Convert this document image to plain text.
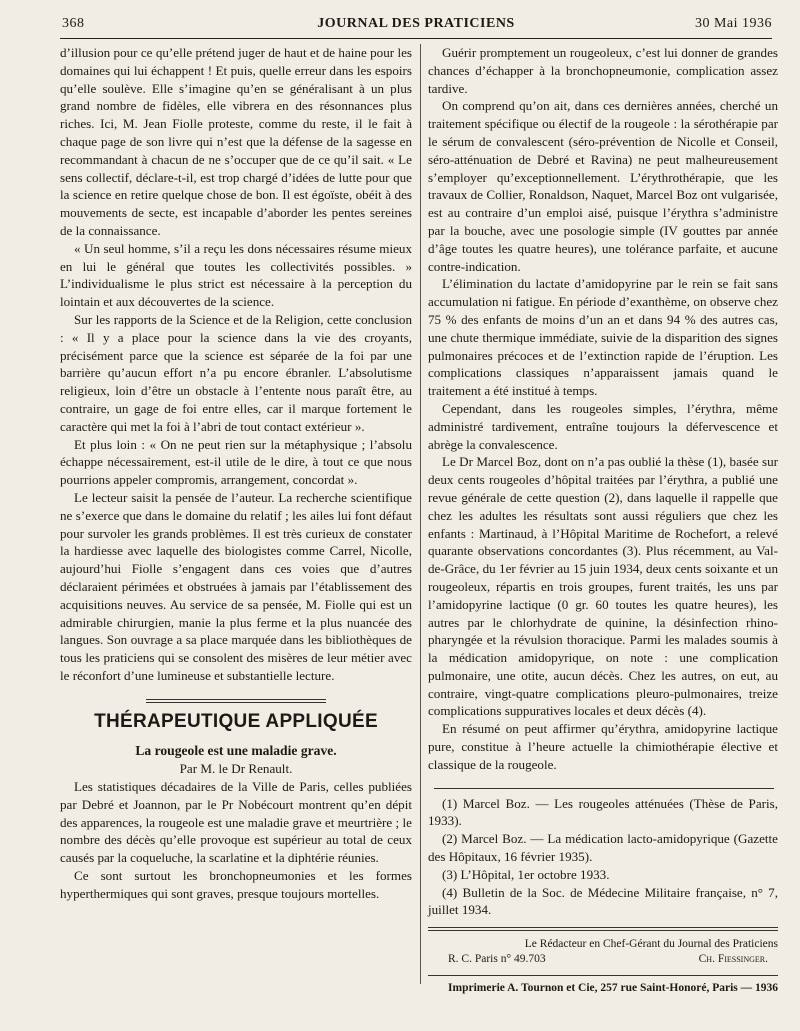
JOURNAL DES PRATICIENS
368	30 Mai 1936

d’illusion pour ce qu’elle prétend juger de haut et de haine pour les domaines qui lui échappent ! Et puis, quelle erreur dans les espoirs qu’elle soulève. Elle s’imagine qu’en se généralisant à un plus grand nombre de fidèles, elle vibrera en des résonnances plus riches. Ici, M. Jean Fiolle proteste, comme du reste, il le fait à chaque page de son livre qui n’est que la défense de la sagesse en recommandant à chacun de ne s’occuper que de ce qu’il sait. « Le sens collectif, déclare-t-il, est trop chargé d’idées de lutte pour que la science en retire quelque chose de bon. Il est égoïste, obéit à des mouvements de secte, est incapable d’aborder les pentes sereines de la connaissance.

« Un seul homme, s’il a reçu les dons nécessaires résume mieux en lui le général que toutes les collectivités possibles. » L’individualisme le plus strict est nécessaire à la perception du lointain et aux découvertes de la science.

Sur les rapports de la Science et de la Religion, cette conclusion : « Il y a place pour la science dans la vie des croyants, précisément parce que la science est séparée de la foi par une barrière qu’aucun effort n’a pu encore ébranler. L’absolutisme religieux, loin d’être un obstacle à l’entente nous paraît être, au contraire, un gage de foi entre elles, car il marque fortement le caractère qui met la foi à l’abri de tout contact extérieur ».

Et plus loin : « On ne peut rien sur la métaphysique ; l’absolu échappe nécessairement, est-il utile de le dire, à tout ce que nous pourrions appeler compromis, arrangement, concordat ».

Le lecteur saisit la pensée de l’auteur. La recherche scientifique ne s’exerce que dans le domaine du relatif ; les ailes lui font défaut pour survoler les grands problèmes. Il est très curieux de constater la hardiesse avec laquelle des biologistes comme Carrel, Nicolle, aujourd’hui Fiolle s’engagent dans ces voies que d’autres déclaraient périmées et obstruées à jamais par l’établissement des acquisitions neuves. Au service de sa pensée, M. Fiolle qui est un admirable chirurgien, manie la plus ferme et la plus nuancée des langues. Son ouvrage a sa place marquée dans les bibliothèques de tous les praticiens qui se consolent des misères de leur métier avec le réconfort d’une lumineuse et substantielle lecture.

THÉRAPEUTIQUE APPLIQUÉE

La rougeole est une maladie grave.

Par M. le Dr Renault.

Les statistiques décadaires de la Ville de Paris, celles publiées par Debré et Joannon, par le Pr Nobécourt montrent qu’en dépit des apparences, la rougeole est une maladie grave et meurtrière ; le nombre des décès qu’elle provoque est supérieur au total de ceux causés par la coqueluche, la scarlatine et la diphtérie réunies.

Ce sont surtout les bronchopneumonies et les formes hyperthermiques qui sont graves, presque toujours mortelles.

Guérir promptement un rougeoleux, c’est lui donner de grandes chances d’échapper à la bronchopneumonie, complication assez tardive.

On comprend qu’on ait, dans ces dernières années, cherché un traitement spécifique ou électif de la rougeole : la sérothérapie par le sérum de convalescent (séro-prévention de Nicolle et Conseil, séro-atténuation de Debré et Ravina) ne peut malheureusement s’employer qu’exceptionnellement. L’érythrothérapie, que les travaux de Collier, Ronaldson, Naquet, Marcel Boz ont vulgarisée, est au contraire d’un emploi aisé, puisque l’érythra s’administre par la bouche, avec une posologie simple (IV gouttes par année d’âge toutes les quatre heures), une tolérance parfaite, et aucune contre-indication.

L’élimination du lactate d’amidopyrine par le rein se fait sans accumulation ni fatigue. En période d’exanthème, on observe chez 75 % des enfants de moins d’un an et dans 94 % des autres cas, une chute thermique immédiate, suivie de la disparition des signes pulmonaires précoces et de l’extinction rapide de l’éruption. Les complications classiques n’apparaissent jamais quand le traitement a été institué à temps.

Cependant, dans les rougeoles simples, l’érythra, même administré tardivement, entraîne toujours la défervescence et abrège la convalescence.

Le Dr Marcel Boz, dont on n’a pas oublié la thèse (1), basée sur deux cents rougeoles d’hôpital traitées par l’érythra, a publié une revue générale de cette question (2), dans laquelle il rappelle que chez les adultes les résultats sont aussi réguliers que chez les enfants : Martinaud, à l’Hôpital Maritime de Rochefort, a relevé quarante observations concordantes (3). Plus récemment, au Val-de-Grâce, du 1er février au 15 juin 1934, deux cents soixante et un rougeoleux, répartis en trois groupes, furent traités, les uns par l’amidopyrine lactique (0 gr. 60 toutes les quatre heures), les autres par le chlorhydrate de quinine, la désinfection rhino-pharyngée et la révulsion thoracique. Parmi les malades soumis à la médication amidopyrique, on note : une complication pulmonaire, une otite, aucun décès. Chez les autres, on eut, au contraire, vingt-quatre complications pleuro-pulmonaires, treize complications suppuratives locales et deux décès (4).

En résumé on peut affirmer qu’érythra, amidopyrine lactique pure, constitue à l’heure actuelle la chimiothérapie élective et classique de la rougeole.

(1) Marcel Boz. — Les rougeoles atténuées (Thèse de Paris, 1933).

(2) Marcel Boz. — La médication lacto-amidopyrique (Gazette des Hôpitaux, 16 février 1935).

(3) L’Hôpital, 1er octobre 1933.

(4) Bulletin de la Soc. de Médecine Militaire française, n° 7, juillet 1934.

Le Rédacteur en Chef-Gérant du Journal des Praticiens
R. C. Paris n° 49.703	Ch. Fiessinger.
Imprimerie A. Tournon et Cie, 257 rue Saint-Honoré, Paris — 1936
